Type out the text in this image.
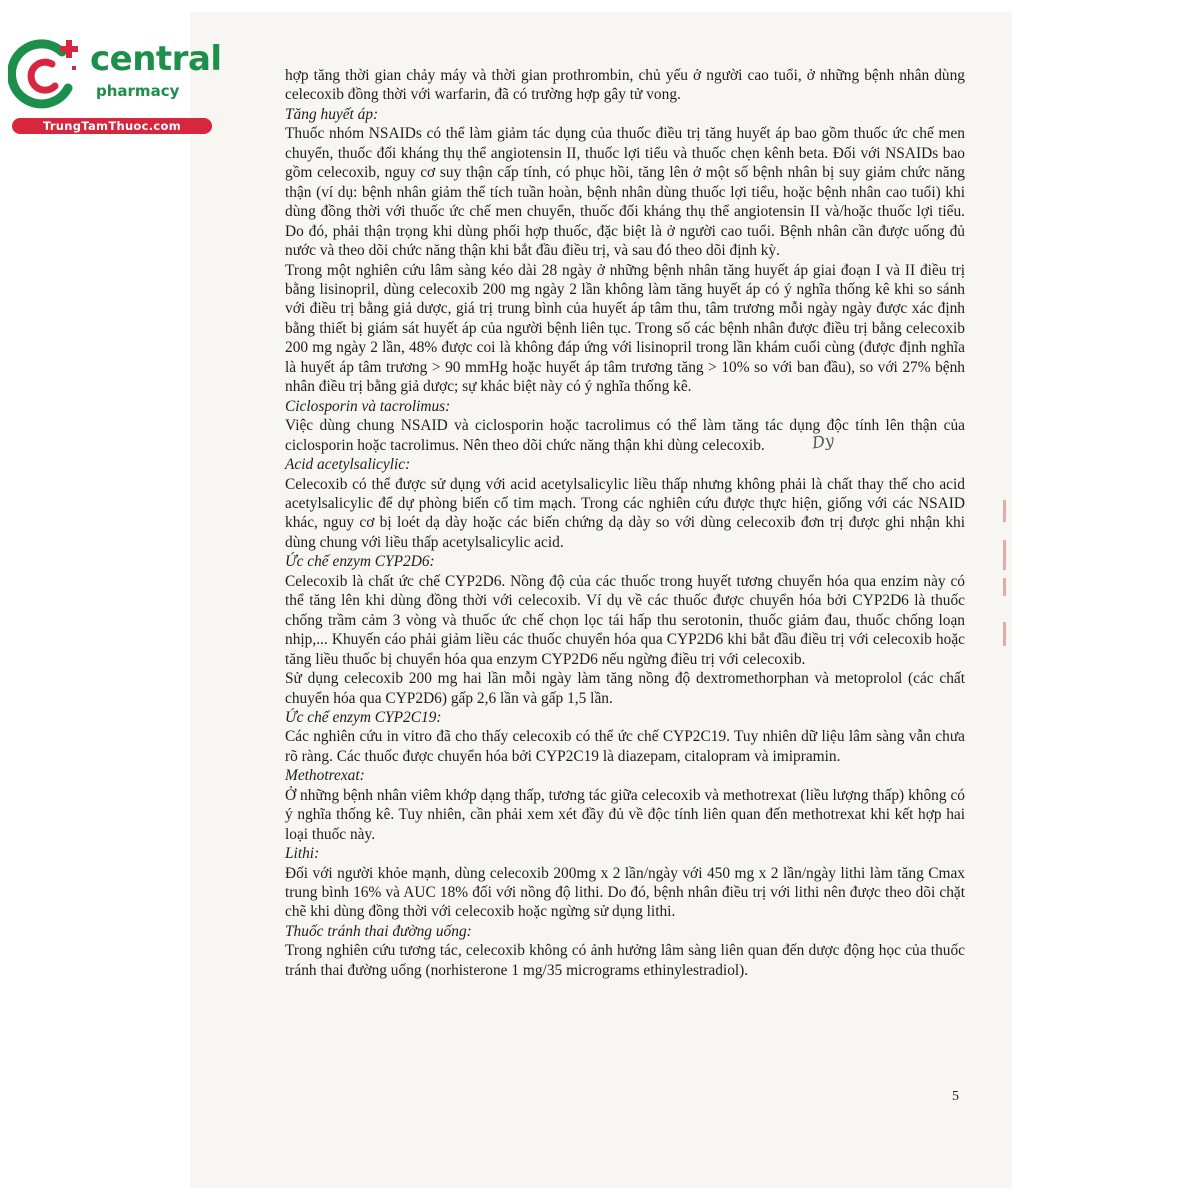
central
pharmacy
TrungTamThuoc.com

hợp tăng thời gian chảy máy và thời gian prothrombin, chủ yếu ở người cao tuổi, ở những bệnh nhân dùng celecoxib đồng thời với warfarin, đã có trường hợp gây tử vong.

Tăng huyết áp:

Thuốc nhóm NSAIDs có thể làm giảm tác dụng của thuốc điều trị tăng huyết áp bao gồm thuốc ức chế men chuyển, thuốc đối kháng thụ thể angiotensin II, thuốc lợi tiểu và thuốc chẹn kênh beta. Đối với NSAIDs bao gồm celecoxib, nguy cơ suy thận cấp tính, có phục hồi, tăng lên ở một số bệnh nhân bị suy giảm chức năng thận (ví dụ: bệnh nhân giảm thể tích tuần hoàn, bệnh nhân dùng thuốc lợi tiểu, hoặc bệnh nhân cao tuổi) khi dùng đồng thời với thuốc ức chế men chuyển, thuốc đối kháng thụ thể angiotensin II và/hoặc thuốc lợi tiểu. Do đó, phải thận trọng khi dùng phối hợp thuốc, đặc biệt là ở người cao tuổi. Bệnh nhân cần được uống đủ nước và theo dõi chức năng thận khi bắt đầu điều trị, và sau đó theo dõi định kỳ.

Trong một nghiên cứu lâm sàng kéo dài 28 ngày ở những bệnh nhân tăng huyết áp giai đoạn I và II điều trị bằng lisinopril, dùng celecoxib 200 mg ngày 2 lần không làm tăng huyết áp có ý nghĩa thống kê khi so sánh với điều trị bằng giả dược, giá trị trung bình của huyết áp tâm thu, tâm trương mỗi ngày ngày được xác định bằng thiết bị giám sát huyết áp của người bệnh liên tục. Trong số các bệnh nhân được điều trị bằng celecoxib 200 mg ngày 2 lần, 48% được coi là không đáp ứng với lisinopril trong lần khám cuối cùng (được định nghĩa là huyết áp tâm trương > 90 mmHg hoặc huyết áp tâm trương tăng > 10% so với ban đầu), so với 27% bệnh nhân điều trị bằng giả dược; sự khác biệt này có ý nghĩa thống kê.

Ciclosporin và tacrolimus:

Việc dùng chung NSAID và ciclosporin hoặc tacrolimus có thể làm tăng tác dụng độc tính lên thận của ciclosporin hoặc tacrolimus. Nên theo dõi chức năng thận khi dùng celecoxib.

Acid acetylsalicylic:

Celecoxib có thể được sử dụng với acid acetylsalicylic liều thấp nhưng không phải là chất thay thế cho acid acetylsalicylic để dự phòng biến cố tim mạch. Trong các nghiên cứu được thực hiện, giống với các NSAID khác, nguy cơ bị loét dạ dày hoặc các biến chứng dạ dày so với dùng celecoxib đơn trị được ghi nhận khi dùng chung với liều thấp acetylsalicylic acid.

Ức chế enzym CYP2D6:

Celecoxib là chất ức chế CYP2D6. Nồng độ của các thuốc trong huyết tương chuyển hóa qua enzim này có thể tăng lên khi dùng đồng thời với celecoxib. Ví dụ về các thuốc được chuyển hóa bởi CYP2D6 là thuốc chống trầm cảm 3 vòng và thuốc ức chế chọn lọc tái hấp thu serotonin, thuốc giảm đau, thuốc chống loạn nhịp,... Khuyến cáo phải giảm liều các thuốc chuyển hóa qua CYP2D6 khi bắt đầu điều trị với celecoxib hoặc tăng liều thuốc bị chuyển hóa qua enzym CYP2D6 nếu ngừng điều trị với celecoxib.

Sử dụng celecoxib 200 mg hai lần mỗi ngày làm tăng nồng độ dextromethorphan và metoprolol (các chất chuyển hóa qua CYP2D6) gấp 2,6 lần và gấp 1,5 lần.

Ức chế enzym CYP2C19:

Các nghiên cứu in vitro đã cho thấy celecoxib có thể ức chế CYP2C19. Tuy nhiên dữ liệu lâm sàng vẫn chưa rõ ràng. Các thuốc được chuyển hóa bởi CYP2C19 là diazepam, citalopram và imipramin.

Methotrexat:

Ở những bệnh nhân viêm khớp dạng thấp, tương tác giữa celecoxib và methotrexat (liều lượng thấp) không có ý nghĩa thống kê. Tuy nhiên, cần phải xem xét đầy đủ về độc tính liên quan đến methotrexat khi kết hợp hai loại thuốc này.

Lithi:

Đối với người khỏe mạnh, dùng celecoxib 200mg x 2 lần/ngày với 450 mg x 2 lần/ngày lithi làm tăng Cmax trung bình 16% và AUC 18% đối với nồng độ lithi. Do đó, bệnh nhân điều trị với lithi nên được theo dõi chặt chẽ khi dùng đồng thời với celecoxib hoặc ngừng sử dụng lithi.

Thuốc tránh thai đường uống:

Trong nghiên cứu tương tác, celecoxib không có ảnh hưởng lâm sàng liên quan đến dược động học của thuốc tránh thai đường uống (norhisterone 1 mg/35 micrograms ethinylestradiol).

Dy
5
